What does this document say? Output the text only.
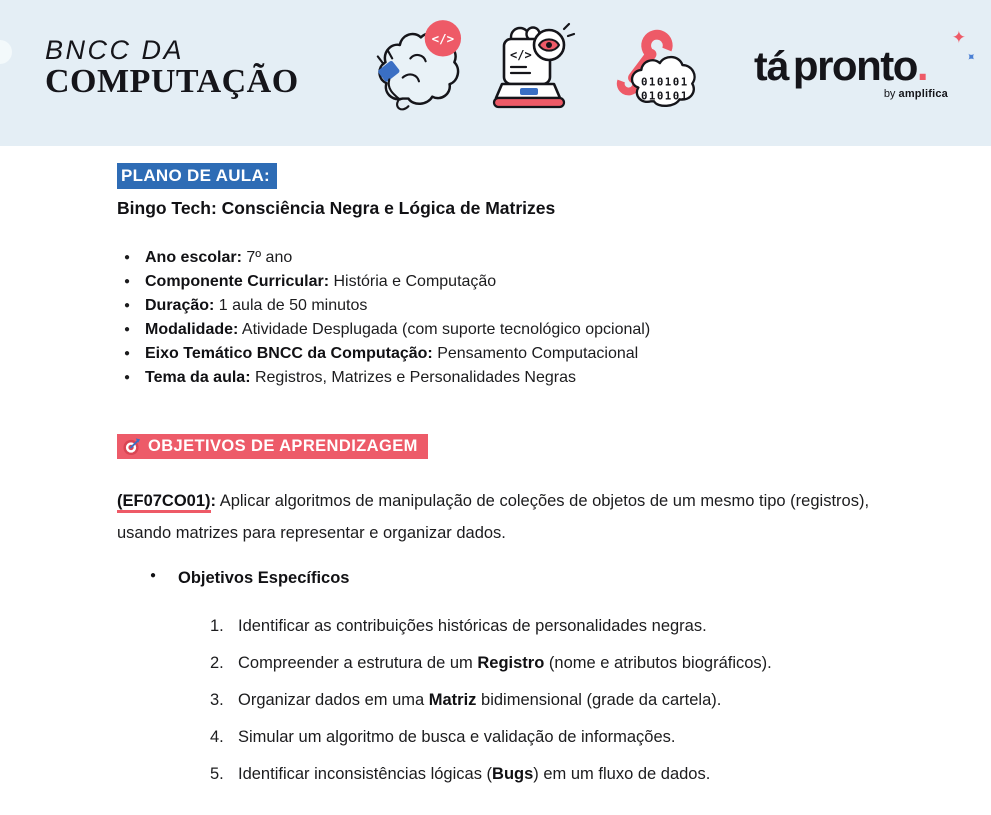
BNCC DA
COMPUTAÇÃO
</>
</>
010101
010101
tá pronto.
✦
✦
by amplifica
PLANO DE AULA:
Bingo Tech: Consciência Negra e Lógica de Matrizes
● Ano escolar: 7º ano
● Componente Curricular: História e Computação
● Duração: 1 aula de 50 minutos
● Modalidade: Atividade Desplugada (com suporte tecnológico opcional)
● Eixo Temático BNCC da Computação: Pensamento Computacional
● Tema da aula: Registros, Matrizes e Personalidades Negras
OBJETIVOS DE APRENDIZAGEM

(EF07CO01): Aplicar algoritmos de manipulação de coleções de objetos de um mesmo tipo (registros), usando matrizes para representar e organizar dados.

● Objetivos Específicos
1. Identificar as contribuições históricas de personalidades negras.
2. Compreender a estrutura de um Registro (nome e atributos biográficos).
3. Organizar dados em uma Matriz bidimensional (grade da cartela).
4. Simular um algoritmo de busca e validação de informações.
5. Identificar inconsistências lógicas (Bugs) em um fluxo de dados.
